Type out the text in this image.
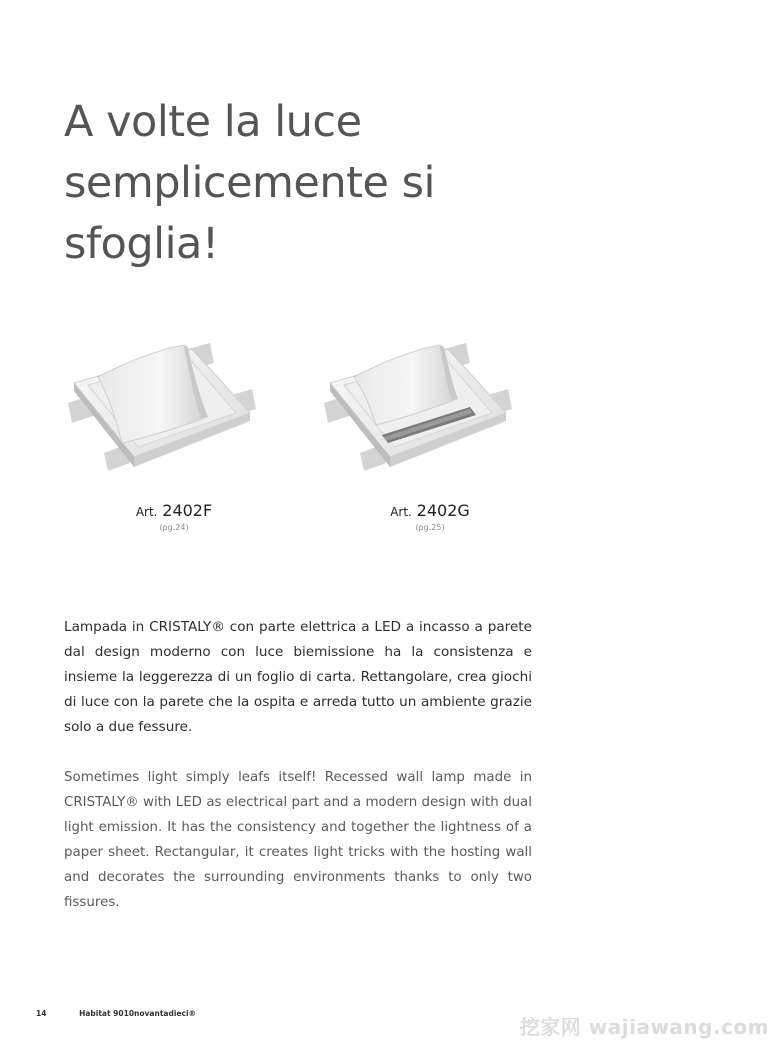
A volte la luce
semplicemente si
sfoglia!
Art. 2402F
(pg.24)
Art. 2402G
(pg.25)

Lampada in CRISTALY® con parte elettrica a LED a incasso a parete dal design moderno con luce biemissione ha la consistenza e insieme la leggerezza di un foglio di carta. Rettangolare, crea giochi di luce con la parete che la ospita e arreda tutto un ambiente grazie solo a due fessure.

Sometimes light simply leafs itself! Recessed wall lamp made in CRISTALY® with LED as electrical part and a modern design with dual light emission. It has the consistency and together the lightness of a paper sheet. Rectangular, it creates light tricks with the hosting wall and decorates the surrounding environments thanks to only two fissures.

14	Habitat 9010novantadieci®
挖家网 wajiawang.com
